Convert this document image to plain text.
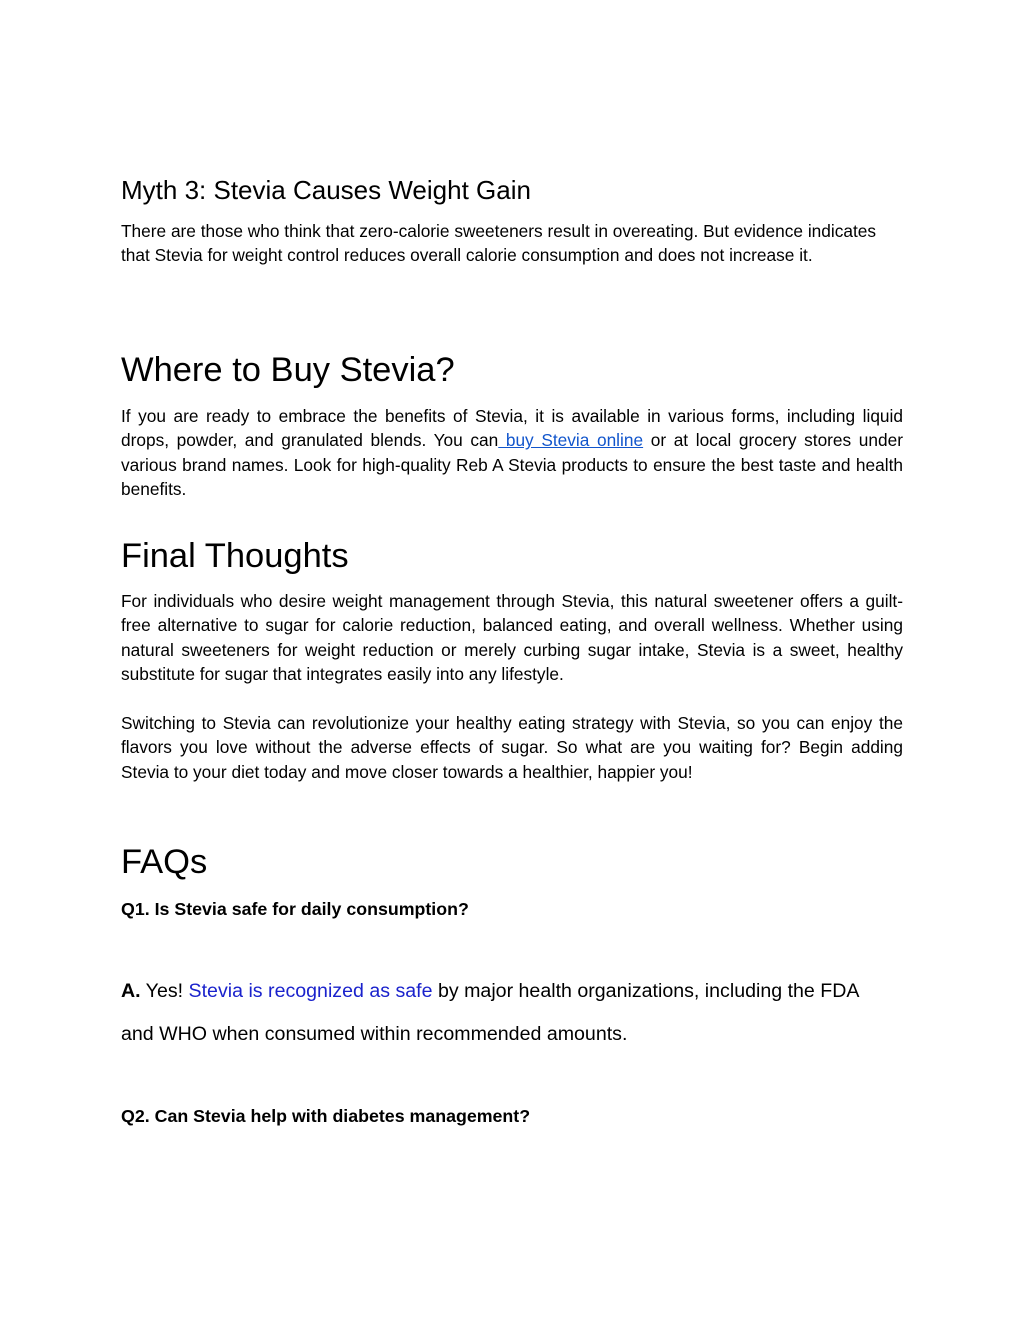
Myth 3: Stevia Causes Weight Gain

There are those who think that zero-calorie sweeteners result in overeating. But evidence indicates that Stevia for weight control reduces overall calorie consumption and does not increase it.

Where to Buy Stevia?

If you are ready to embrace the benefits of Stevia, it is available in various forms, including liquid drops, powder, and granulated blends. You can buy Stevia online or at local grocery stores under various brand names. Look for high-quality Reb A Stevia products to ensure the best taste and health benefits.

Final Thoughts

For individuals who desire weight management through Stevia, this natural sweetener offers a guilt-free alternative to sugar for calorie reduction, balanced eating, and overall wellness. Whether using natural sweeteners for weight reduction or merely curbing sugar intake, Stevia is a sweet, healthy substitute for sugar that integrates easily into any lifestyle.

Switching to Stevia can revolutionize your healthy eating strategy with Stevia, so you can enjoy the flavors you love without the adverse effects of sugar. So what are you waiting for? Begin adding Stevia to your diet today and move closer towards a healthier, happier you!

FAQs
Q1. Is Stevia safe for daily consumption?
A. Yes! Stevia is recognized as safe by major health organizations, including the FDA
and WHO when consumed within recommended amounts.
Q2. Can Stevia help with diabetes management?
